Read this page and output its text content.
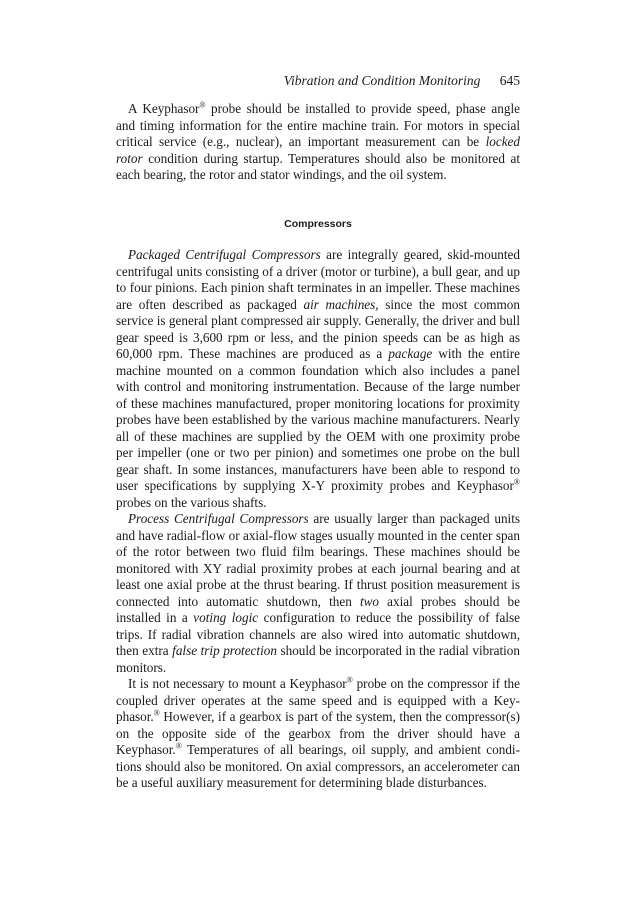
Vibration and Condition Monitoring 645

A Keyphasor® probe should be installed to provide speed, phase angle and timing information for the entire machine train. For motors in special critical service (e.g., nuclear), an important measurement can be locked rotor condition during startup. Temperatures should also be monitored at each bearing, the rotor and stator windings, and the oil system.

Compressors

Packaged Centrifugal Compressors are integrally geared, skid-mounted centrifugal units consisting of a driver (motor or turbine), a bull gear, and up to four pinions. Each pinion shaft terminates in an impeller. These machines are often described as packaged air machines, since the most common service is general plant compressed air supply. Generally, the driver and bull gear speed is 3,600 rpm or less, and the pinion speeds can be as high as 60,000 rpm. These machines are produced as a package with the entire machine mounted on a common foundation which also includes a panel with control and monitoring instrumentation. Because of the large number of these machines manufactured, proper monitoring locations for proximity probes have been established by the various machine manufacturers. Nearly all of these machines are supplied by the OEM with one proximity probe per impeller (one or two per pinion) and sometimes one probe on the bull gear shaft. In some instances, manufacturers have been able to respond to user specifications by supplying X-Y proximity probes and Keyphasor® probes on the various shafts.

Process Centrifugal Compressors are usually larger than packaged units and have radial-flow or axial-flow stages usually mounted in the center span of the rotor between two fluid film bearings. These machines should be monitored with XY radial proximity probes at each journal bearing and at least one axial probe at the thrust bearing. If thrust position measurement is connected into automatic shutdown, then two axial probes should be installed in a voting logic configuration to reduce the possibility of false trips. If radial vibration channels are also wired into automatic shutdown, then extra false trip protection should be incorporated in the radial vibration monitors.

It is not necessary to mount a Keyphasor® probe on the compressor if the coupled driver operates at the same speed and is equipped with a Keyphasor.® However, if a gearbox is part of the system, then the compressor(s) on the opposite side of the gearbox from the driver should have a Keyphasor.® Temperatures of all bearings, oil supply, and ambient conditions should also be monitored. On axial compressors, an accelerometer can be a useful auxiliary measurement for determining blade disturbances.
